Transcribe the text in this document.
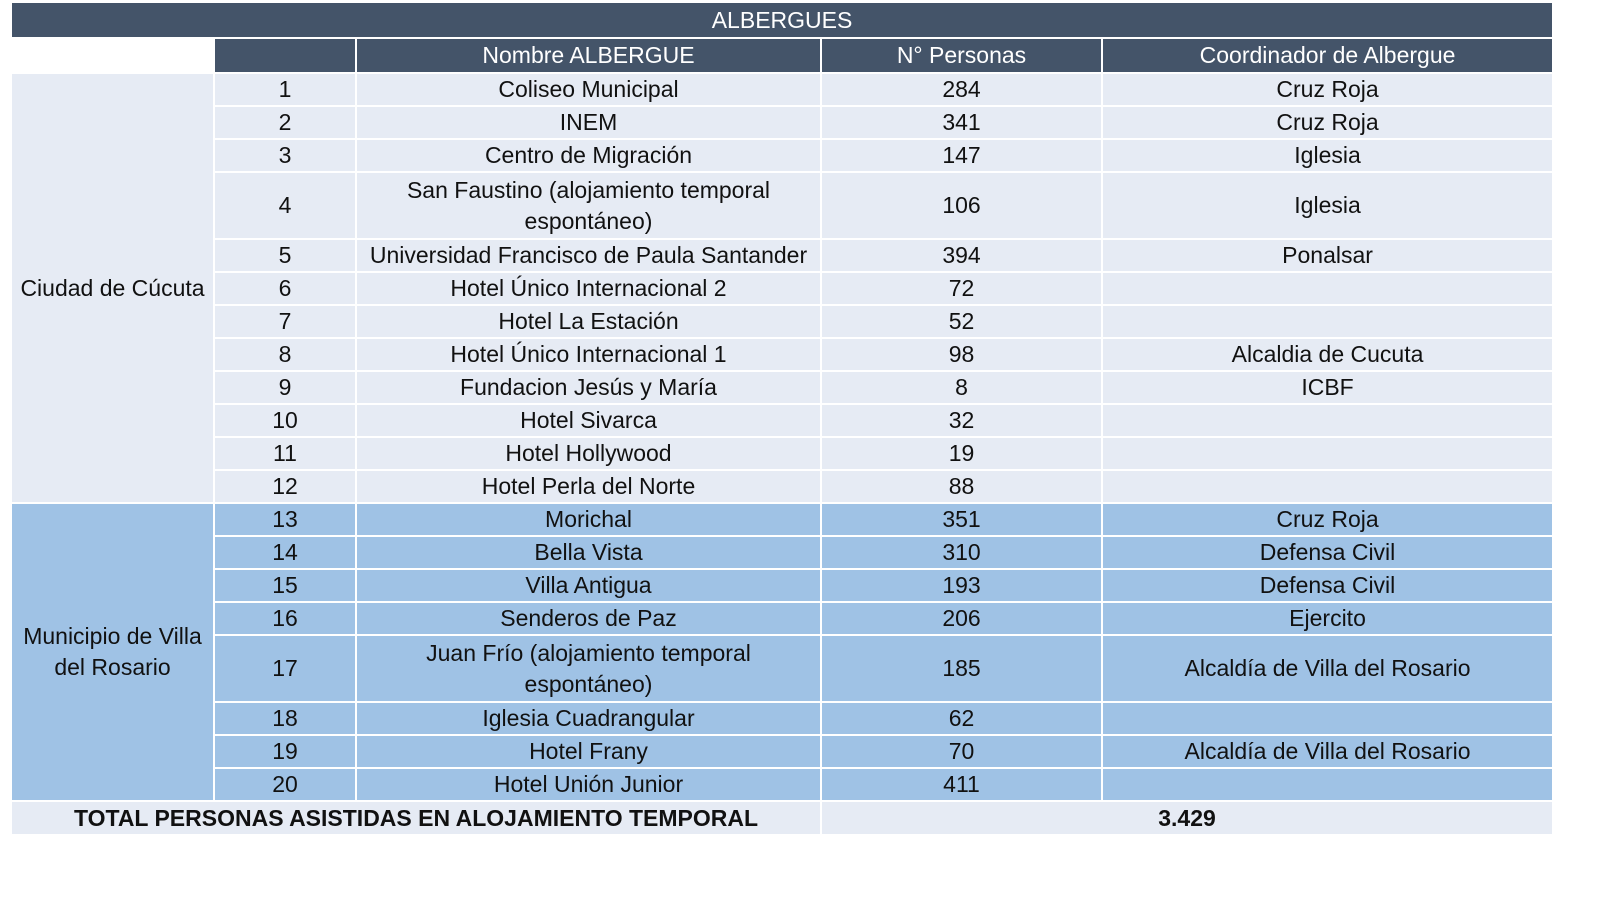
ALBERGUES				
		Nombre ALBERGUE	N° Personas	Coordinador de Albergue
Ciudad de Cúcuta	1	Coliseo Municipal	284	Cruz Roja
	2	INEM	341	Cruz Roja
	3	Centro de Migración	147	Iglesia
	4	San Faustino (alojamiento temporal espontáneo)	106	Iglesia
	5	Universidad Francisco de Paula Santander	394	Ponalsar
	6	Hotel Único Internacional 2	72	
	7	Hotel La Estación	52	
	8	Hotel Único Internacional 1	98	Alcaldia de Cucuta
	9	Fundacion Jesús y María	8	ICBF
	10	Hotel Sivarca	32	
	11	Hotel Hollywood	19	
	12	Hotel Perla del Norte	88	
Municipio de Villa del Rosario	13	Morichal	351	Cruz Roja
	14	Bella Vista	310	Defensa Civil
	15	Villa Antigua	193	Defensa Civil
	16	Senderos de Paz	206	Ejercito
	17	Juan Frío (alojamiento temporal espontáneo)	185	Alcaldía de Villa del Rosario
	18	Iglesia Cuadrangular	62	
	19	Hotel Frany	70	Alcaldía de Villa del Rosario
	20	Hotel Unión Junior	411	
TOTAL PERSONAS ASISTIDAS EN ALOJAMIENTO TEMPORAL			3.429	
